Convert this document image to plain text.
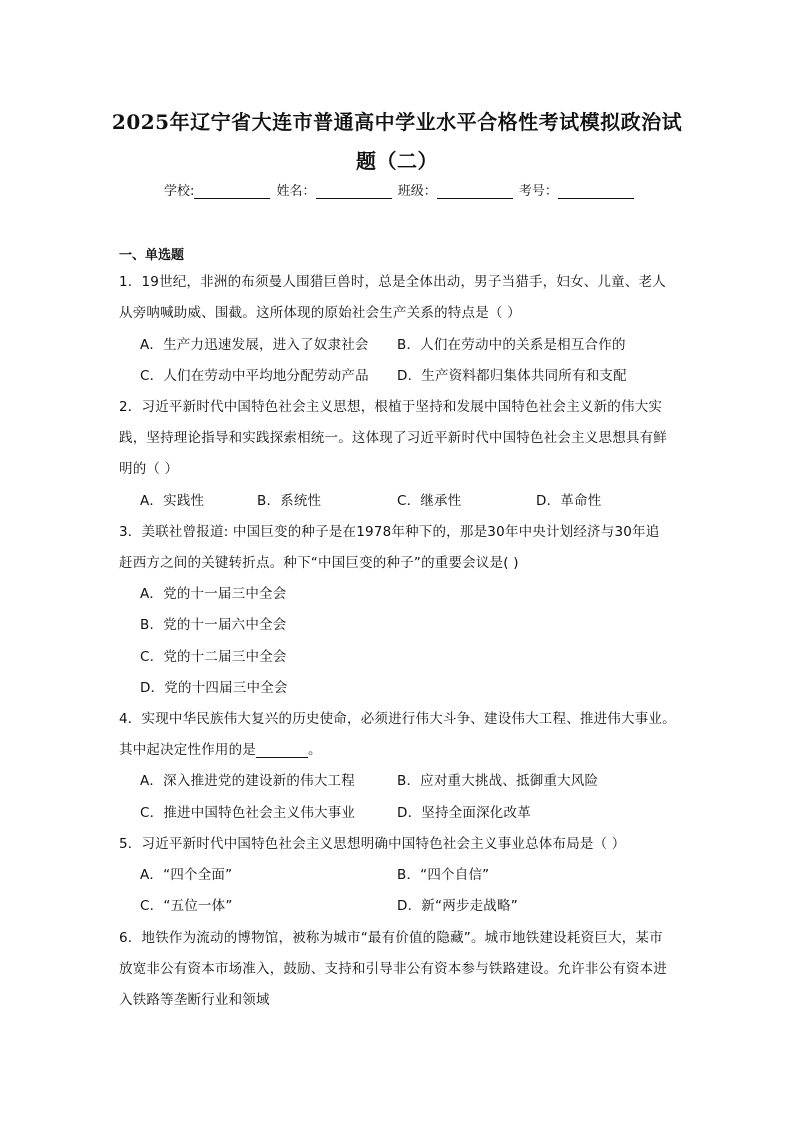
2025年辽宁省大连市普通高中学业水平合格性考试模拟政治试
题（二）
学校:	姓名：	班级：	考号：
一、单选题
1．19世纪，非洲的布须曼人围猎巨兽时，总是全体出动，男子当猎手，妇女、儿童、老人
从旁呐喊助威、围截。这所体现的原始社会生产关系的特点是（ ）
A．生产力迅速发展，进入了奴隶社会 B．人们在劳动中的关系是相互合作的
C．人们在劳动中平均地分配劳动产品 D．生产资料都归集体共同所有和支配
2．习近平新时代中国特色社会主义思想，根植于坚持和发展中国特色社会主义新的伟大实
践，坚持理论指导和实践探索相统一。这体现了习近平新时代中国特色社会主义思想具有鲜
明的（ ）
A．实践性	B．系统性	C．继承性	D．革命性
3．美联社曾报道: 中国巨变的种子是在1978年种下的，那是30年中央计划经济与30年追
赶西方之间的关键转折点。种下“中国巨变的种子”的重要会议是( )
A．党的十一届三中全会
B．党的十一届六中全会
C．党的十二届三中全会
D．党的十四届三中全会
4．实现中华民族伟大复兴的历史使命，必须进行伟大斗争、建设伟大工程、推进伟大事业。
其中起决定性作用的是	。
A．深入推进党的建设新的伟大工程	B．应对重大挑战、抵御重大风险
C．推进中国特色社会主义伟大事业	D．坚持全面深化改革
5．习近平新时代中国特色社会主义思想明确中国特色社会主义事业总体布局是（ ）
A．“四个全面”	B．“四个自信”
C．“五位一体”	D．新“两步走战略”
6．地铁作为流动的博物馆，被称为城市“最有价值的隐藏”。城市地铁建设耗资巨大，某市
放宽非公有资本市场准入，鼓励、支持和引导非公有资本参与铁路建设。允许非公有资本进
入铁路等垄断行业和领域
